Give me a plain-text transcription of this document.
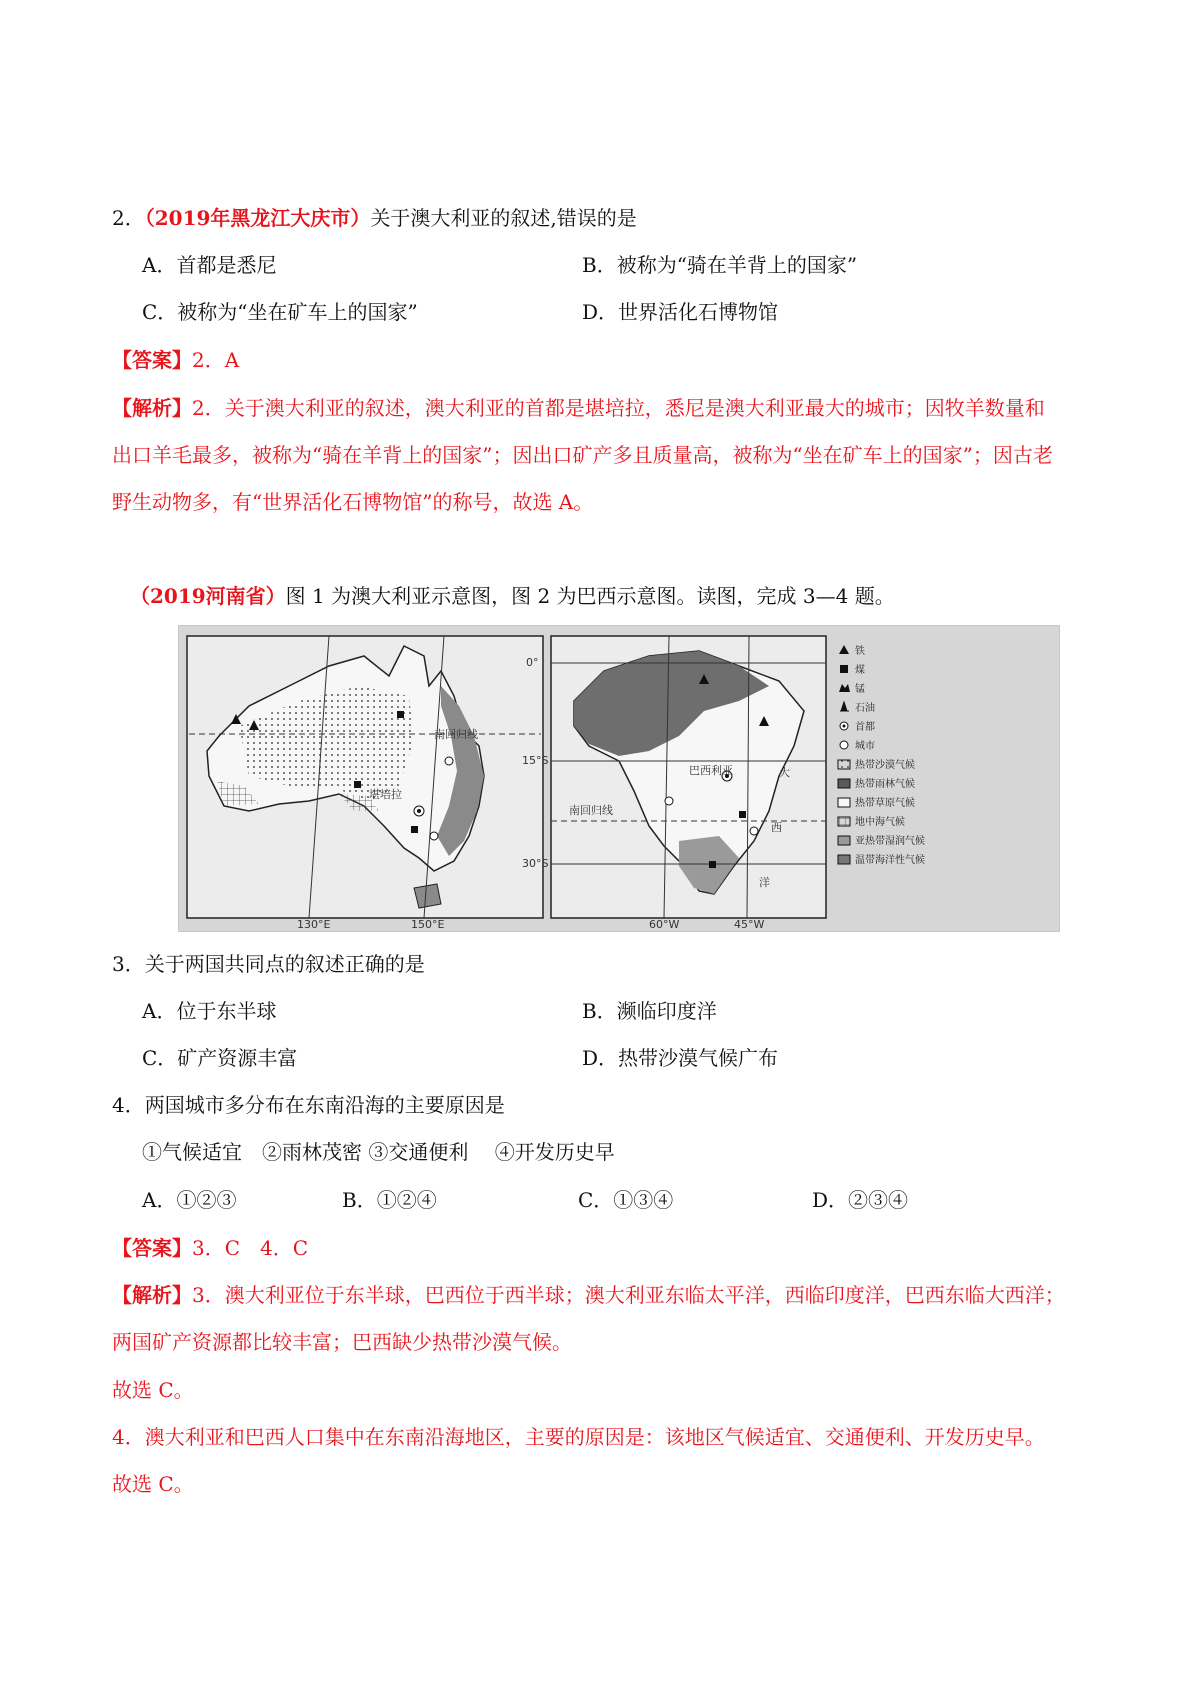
2．（2019年黑龙江大庆市）关于澳大利亚的叙述,错误的是
A．首都是悉尼	B．被称为“骑在羊背上的国家”
C．被称为“坐在矿车上的国家”	D．世界活化石博物馆
【答案】2．A
【解析】2．关于澳大利亚的叙述，澳大利亚的首都是堪培拉，悉尼是澳大利亚最大的城市；因牧羊数量和
出口羊毛最多，被称为“骑在羊背上的国家”；因出口矿产多且质量高，被称为“坐在矿车上的国家”；因古老
野生动物多，有“世界活化石博物馆”的称号，故选 A。
（2019河南省）图 1 为澳大利亚示意图，图 2 为巴西示意图。读图，完成 3—4 题。
南回归线
堪培拉
130°E	150°E
0°
15°S
30°S
南回归线
巴西利亚	大
西
洋
60°W	45°W
铁
煤
锰
石油
首都
城市
热带沙漠气候
热带雨林气候
热带草原气候
地中海气候
亚热带湿润气候
温带海洋性气候
3．关于两国共同点的叙述正确的是
A．位于东半球	B．濒临印度洋
C．矿产资源丰富	D．热带沙漠气候广布
4．两国城市多分布在东南沿海的主要原因是
①气候适宜　②雨林茂密 ③交通便利　 ④开发历史早
A．①②③	B．①②④	C．①③④	D．②③④
【答案】3．C　4．C
【解析】3．澳大利亚位于东半球，巴西位于西半球；澳大利亚东临太平洋，西临印度洋，巴西东临大西洋；
两国矿产资源都比较丰富；巴西缺少热带沙漠气候。
故选 C。
4．澳大利亚和巴西人口集中在东南沿海地区，主要的原因是：该地区气候适宜、交通便利、开发历史早。
故选 C。
